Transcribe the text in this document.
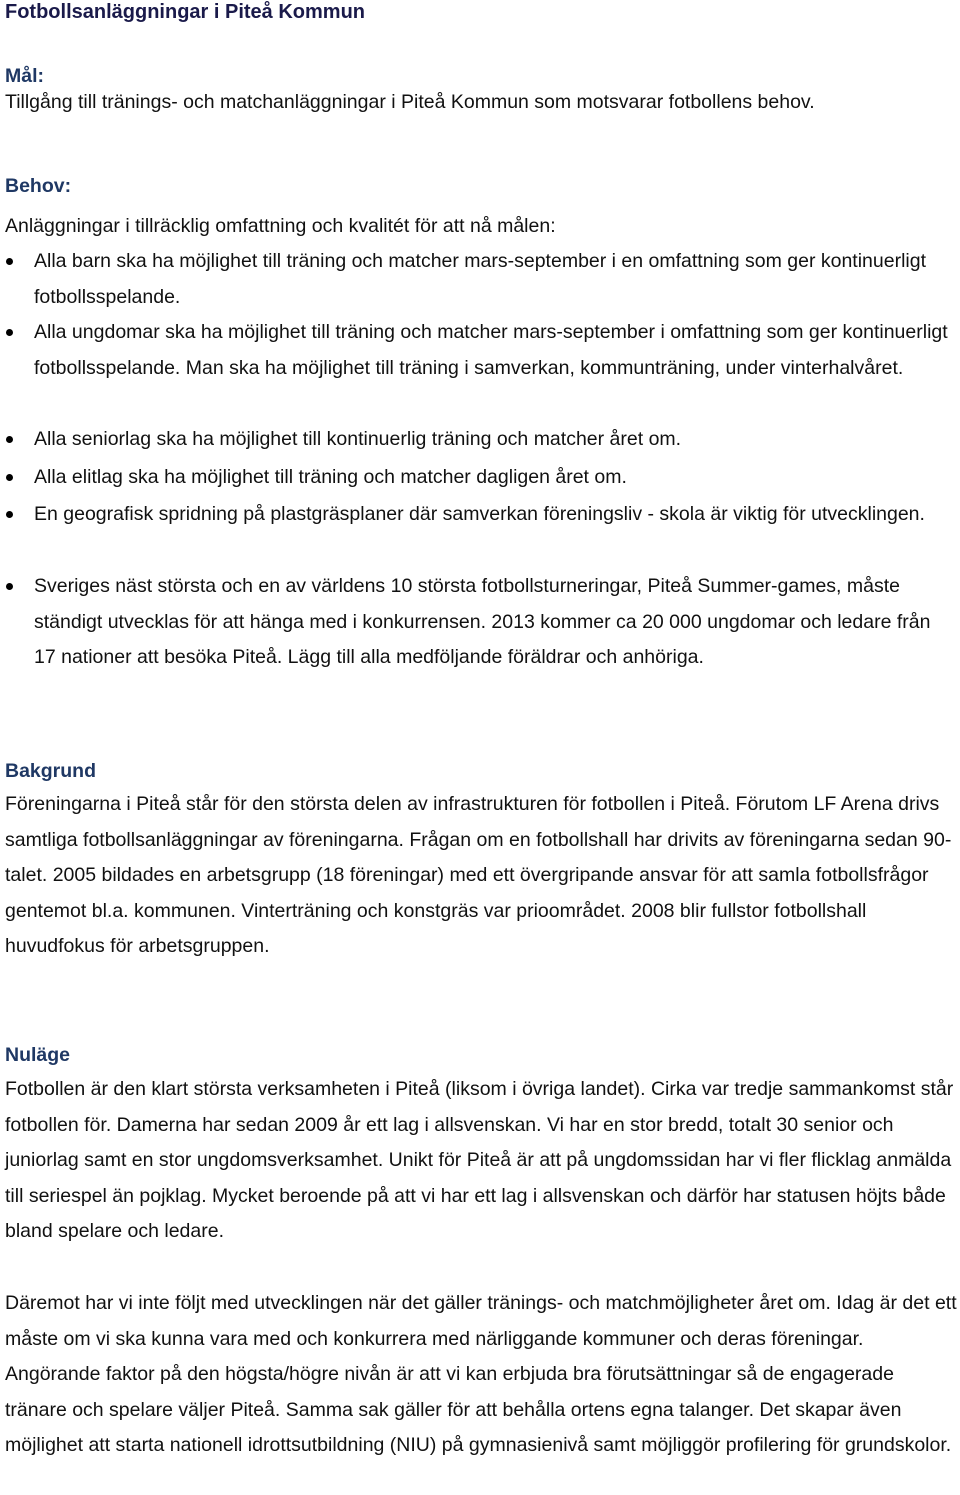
Fotbollsanläggningar i Piteå Kommun
Mål:
Tillgång till tränings- och matchanläggningar i Piteå Kommun som motsvarar fotbollens behov.
Behov:
Anläggningar i tillräcklig omfattning och kvalitét för att nå målen:
Alla barn ska ha möjlighet till träning och matcher mars-september i en omfattning som ger kontinuerligt fotbollsspelande.
Alla ungdomar ska ha möjlighet till träning och matcher mars-september i omfattning som ger kontinuerligt fotbollsspelande. Man ska ha möjlighet till träning i samverkan, kommunträning, under vinterhalvåret.
Alla seniorlag ska ha möjlighet till kontinuerlig träning och matcher året om.
Alla elitlag ska ha möjlighet till träning och matcher dagligen året om.
En geografisk spridning på plastgräsplaner där samverkan föreningsliv - skola är viktig för utvecklingen.
Sveriges näst största och en av världens 10 största fotbollsturneringar, Piteå Summer-games, måste ständigt utvecklas för att hänga med i konkurrensen. 2013 kommer ca 20 000 ungdomar och ledare från 17 nationer att besöka Piteå. Lägg till alla medföljande föräldrar och anhöriga.
Bakgrund
Föreningarna i Piteå står för den största delen av infrastrukturen för fotbollen i Piteå. Förutom LF Arena drivs samtliga fotbollsanläggningar av föreningarna. Frågan om en fotbollshall har drivits av föreningarna sedan 90-talet. 2005 bildades en arbetsgrupp (18 föreningar) med ett övergripande ansvar för att samla fotbollsfrågor gentemot bl.a. kommunen. Vinterträning och konstgräs var prioområdet. 2008 blir fullstor fotbollshall huvudfokus för arbetsgruppen.
Nuläge
Fotbollen är den klart största verksamheten i Piteå (liksom i övriga landet). Cirka var tredje sammankomst står fotbollen för. Damerna har sedan 2009 år ett lag i allsvenskan. Vi har en stor bredd, totalt 30 senior och juniorlag samt en stor ungdomsverksamhet. Unikt för Piteå är att på ungdomssidan har vi fler flicklag anmälda till seriespel än pojklag. Mycket beroende på att vi har ett lag i allsvenskan och därför har statusen höjts både bland spelare och ledare.
Däremot har vi inte följt med utvecklingen när det gäller tränings- och matchmöjligheter året om. Idag är det ett måste om vi ska kunna vara med och konkurrera med närliggande kommuner och deras föreningar. Angörande faktor på den högsta/högre nivån är att vi kan erbjuda bra förutsättningar så de engagerade tränare och spelare väljer Piteå. Samma sak gäller för att behålla ortens egna talanger. Det skapar även möjlighet att starta nationell idrottsutbildning (NIU) på gymnasienivå samt möjliggör profilering för grundskolor.
